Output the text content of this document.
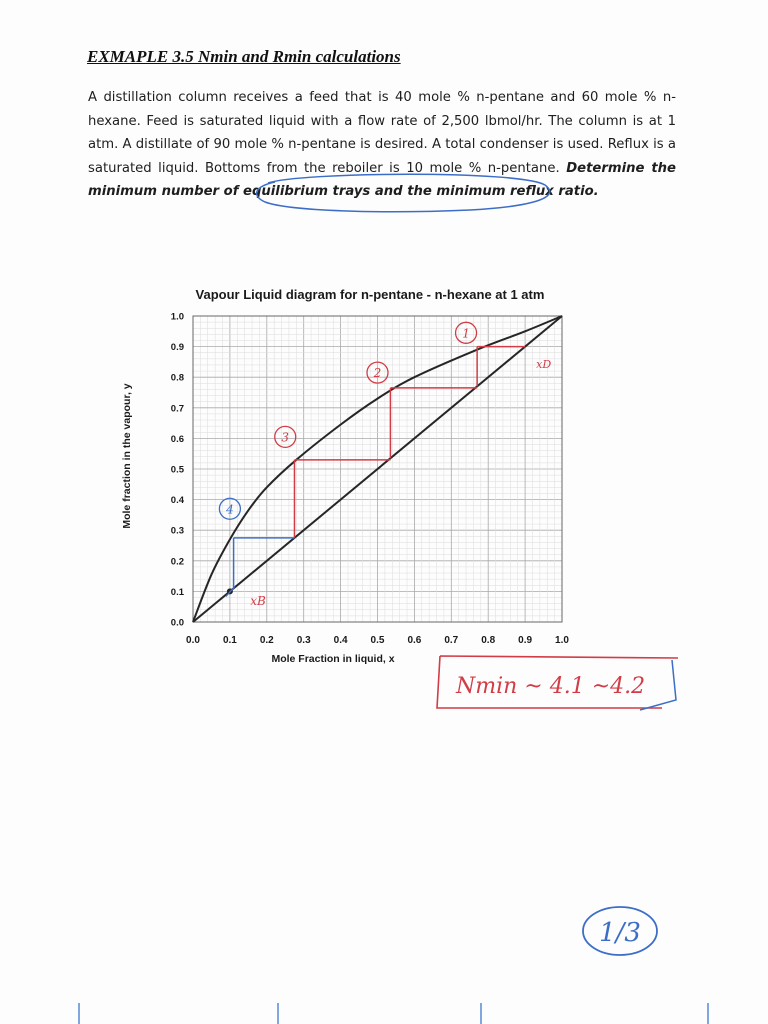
EXMAPLE 3.5 Nmin and Rmin calculations

A distillation column receives a feed that is 40 mole % n-pentane and 60 mole % n-hexane. Feed is saturated liquid with a flow rate of 2,500 lbmol/hr. The column is at 1 atm. A distillate of 90 mole % n-pentane is desired. A total condenser is used. Reflux is a saturated liquid. Bottoms from the reboiler is 10 mole % n-pentane. Determine the minimum number of equilibrium trays and the minimum reflux ratio.

Vapour Liquid diagram for n-pentane - n-hexane at 1 atm
0.0 0.1 0.2 0.3 0.4 0.5 0.6 0.7 0.8 0.9 1.0
0.0
0.1
0.2
0.3
0.4
0.5
0.6
0.7
0.8
0.9
1.0
Mole Fraction in liquid, x
Mole fraction in the vapour, y
1
2
3
4
xB
xD
Nmin ~ 4.1 ~4.2
1/3
